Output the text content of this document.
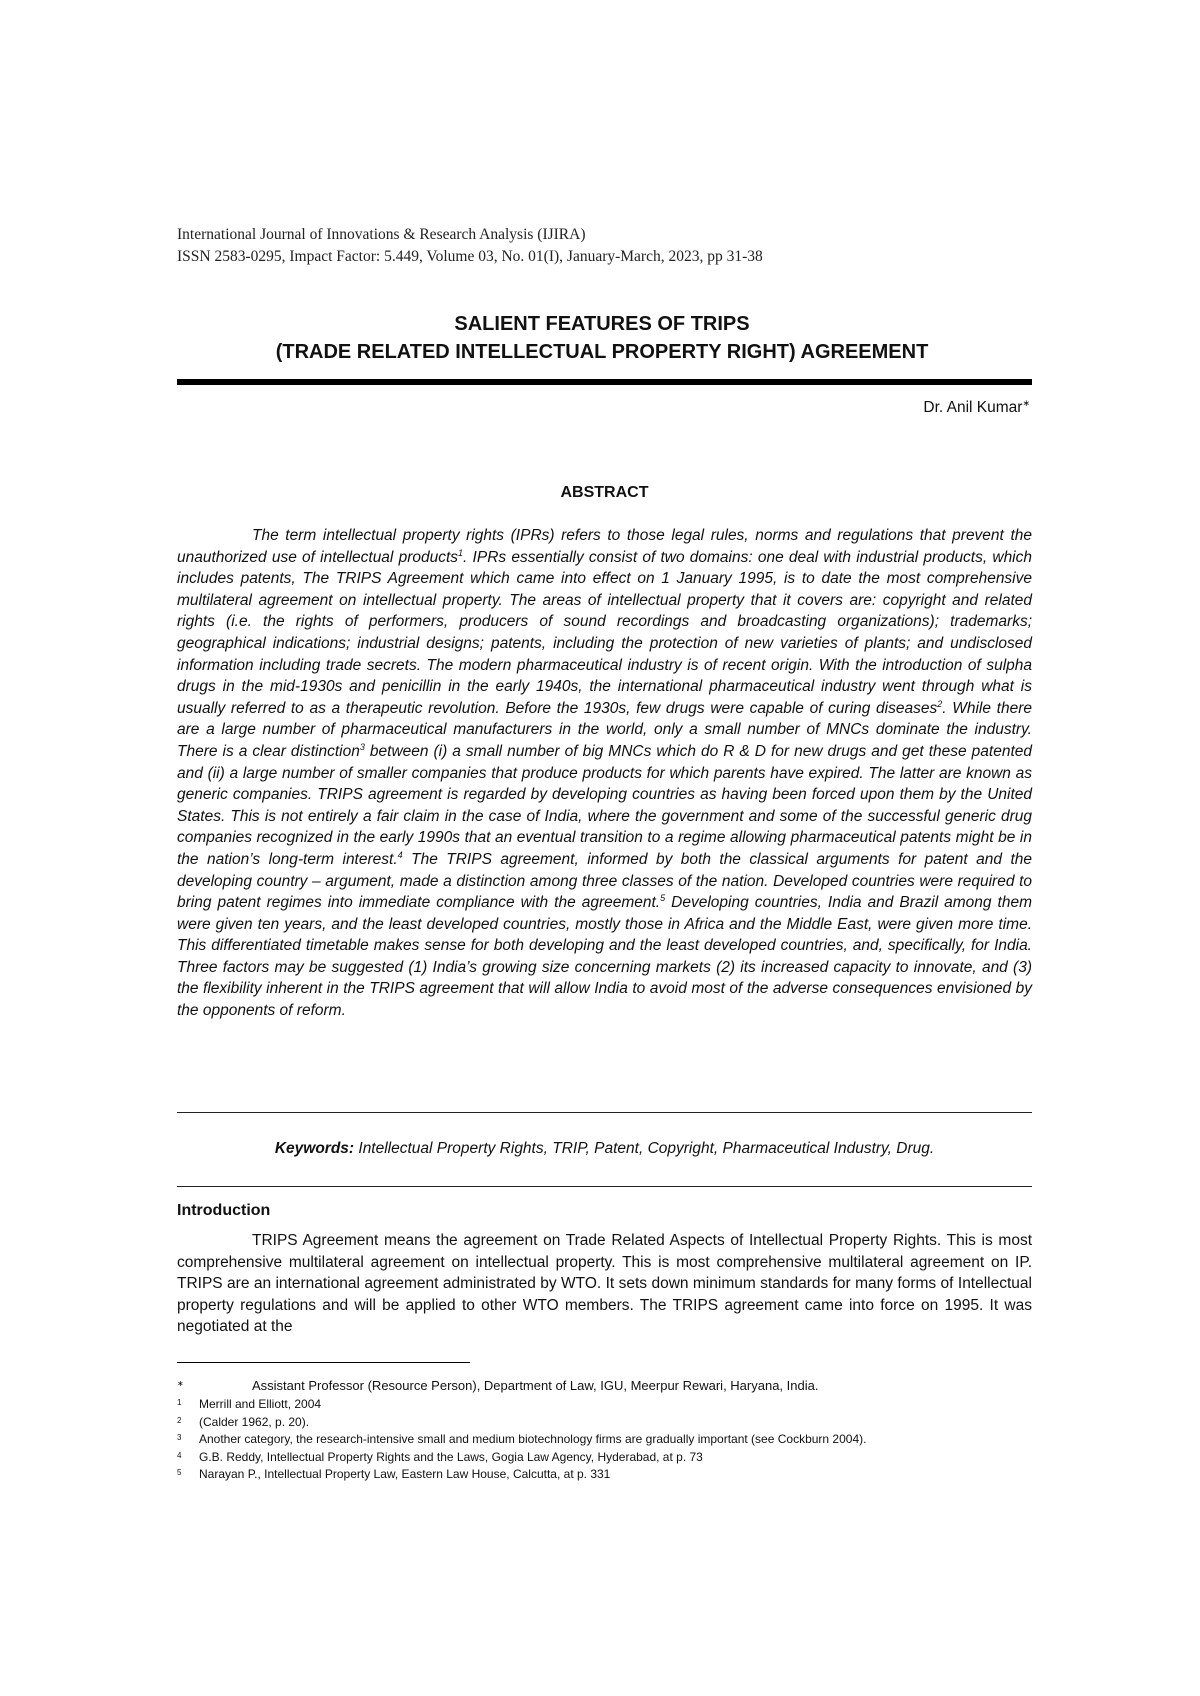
International Journal of Innovations & Research Analysis (IJIRA)
ISSN 2583-0295, Impact Factor: 5.449, Volume 03, No. 01(I), January-March, 2023, pp 31-38
SALIENT FEATURES OF TRIPS
(TRADE RELATED INTELLECTUAL PROPERTY RIGHT) AGREEMENT
Dr. Anil Kumar∗
ABSTRACT
The term intellectual property rights (IPRs) refers to those legal rules, norms and regulations that prevent the unauthorized use of intellectual products$^1$. IPRs essentially consist of two domains: one deal with industrial products, which includes patents, The TRIPS Agreement which came into effect on 1 January 1995, is to date the most comprehensive multilateral agreement on intellectual property. The areas of intellectual property that it covers are: copyright and related rights (i.e. the rights of performers, producers of sound recordings and broadcasting organizations); trademarks; geographical indications; industrial designs; patents, including the protection of new varieties of plants; and undisclosed information including trade secrets. The modern pharmaceutical industry is of recent origin. With the introduction of sulpha drugs in the mid-1930s and penicillin in the early 1940s, the international pharmaceutical industry went through what is usually referred to as a therapeutic revolution. Before the 1930s, few drugs were capable of curing diseases$^2$. While there are a large number of pharmaceutical manufacturers in the world, only a small number of MNCs dominate the industry. There is a clear distinction$^3$ between (i) a small number of big MNCs which do R & D for new drugs and get these patented and (ii) a large number of smaller companies that produce products for which parents have expired. The latter are known as generic companies. TRIPS agreement is regarded by developing countries as having been forced upon them by the United States. This is not entirely a fair claim in the case of India, where the government and some of the successful generic drug companies recognized in the early 1990s that an eventual transition to a regime allowing pharmaceutical patents might be in the nation’s long-term interest.$^4$ The TRIPS agreement, informed by both the classical arguments for patent and the developing country – argument, made a distinction among three classes of the nation. Developed countries were required to bring patent regimes into immediate compliance with the agreement.$^5$ Developing countries, India and Brazil among them were given ten years, and the least developed countries, mostly those in Africa and the Middle East, were given more time. This differentiated timetable makes sense for both developing and the least developed countries, and, specifically, for India. Three factors may be suggested (1) India’s growing size concerning markets (2) its increased capacity to innovate, and (3) the flexibility inherent in the TRIPS agreement that will allow India to avoid most of the adverse consequences envisioned by the opponents of reform.
Keywords: Intellectual Property Rights, TRIP, Patent, Copyright, Pharmaceutical Industry, Drug.
Introduction
TRIPS Agreement means the agreement on Trade Related Aspects of Intellectual Property Rights. This is most comprehensive multilateral agreement on intellectual property. This is most comprehensive multilateral agreement on IP. TRIPS are an international agreement administrated by WTO. It sets down minimum standards for many forms of Intellectual property regulations and will be applied to other WTO members. The TRIPS agreement came into force on 1995. It was negotiated at the
∗	Assistant Professor (Resource Person), Department of Law, IGU, Meerpur Rewari, Haryana, India.
1 Merrill and Elliott, 2004
2 (Calder 1962, p. 20).
3 Another category, the research-intensive small and medium biotechnology firms are gradually important (see Cockburn 2004).
4 G.B. Reddy, Intellectual Property Rights and the Laws, Gogia Law Agency, Hyderabad, at p. 73
5 Narayan P., Intellectual Property Law, Eastern Law House, Calcutta, at p. 331
